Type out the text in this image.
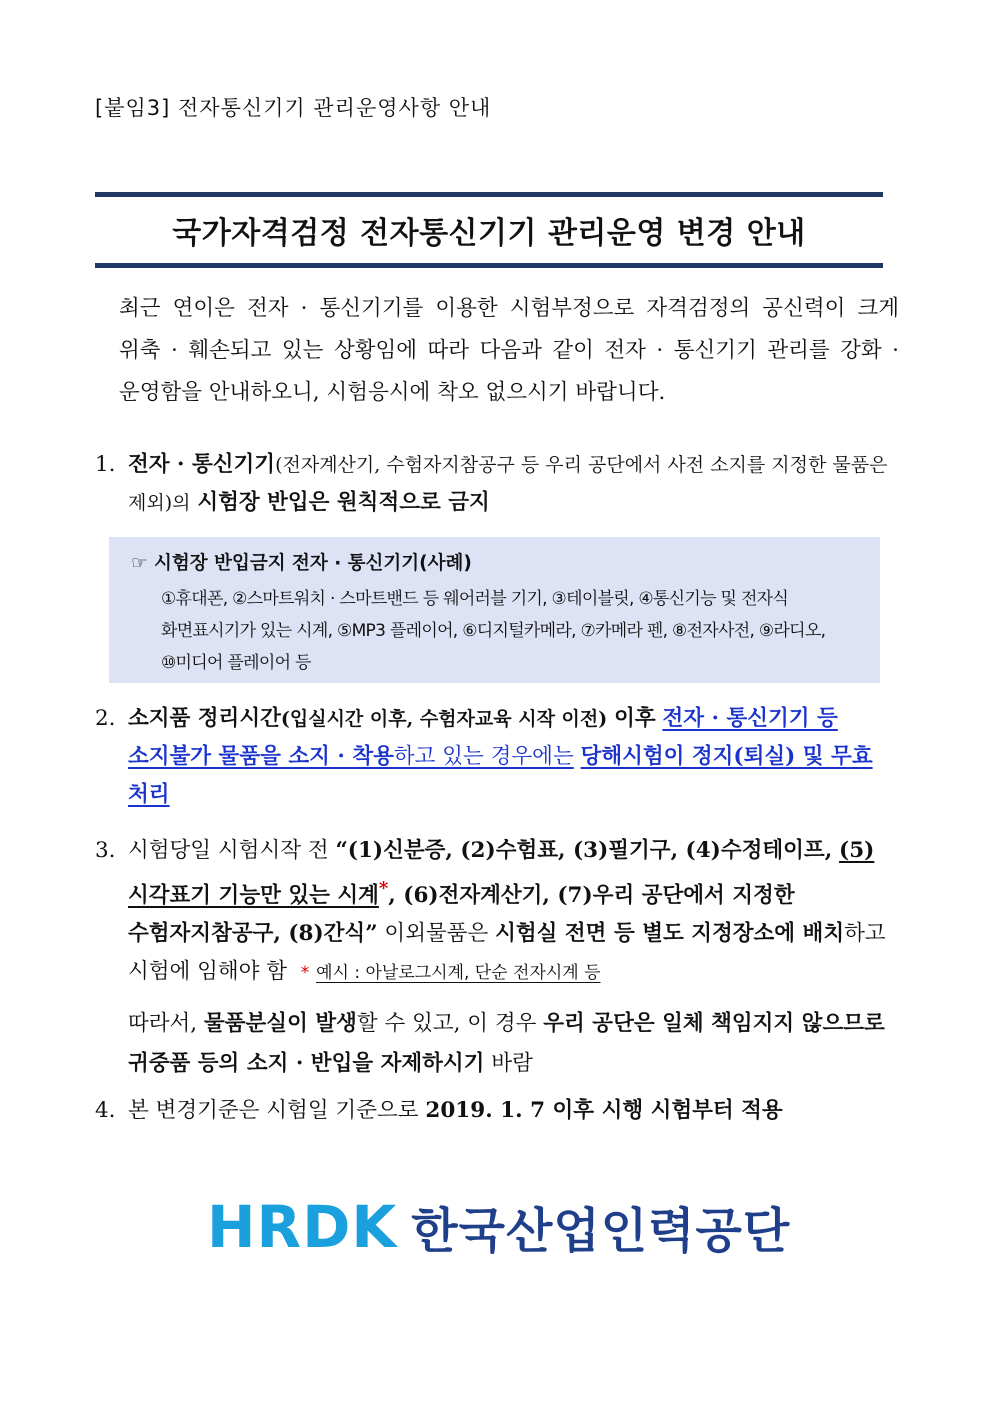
[붙임3] 전자통신기기 관리운영사항 안내
국가자격검정 전자통신기기 관리운영 변경 안내
최근 연이은 전자 · 통신기기를 이용한 시험부정으로 자격검정의 공신력이 크게 위축 · 훼손되고 있는 상황임에 따라 다음과 같이 전자 · 통신기기 관리를 강화 · 운영함을 안내하오니, 시험응시에 착오 없으시기 바랍니다.
1. 전자 · 통신기기(전자계산기, 수험자지참공구 등 우리 공단에서 사전 소지를 지정한 물품은 제외)의 시험장 반입은 원칙적으로 금지
☞ 시험장 반입금지 전자 · 통신기기(사례)
①휴대폰, ②스마트워치 · 스마트밴드 등 웨어러블 기기, ③테이블릿, ④통신기능 및 전자식 화면표시기가 있는 시계, ⑤MP3 플레이어, ⑥디지털카메라, ⑦카메라 펜, ⑧전자사전, ⑨라디오, ⑩미디어 플레이어 등
2. 소지품 정리시간(입실시간 이후, 수험자교육 시작 이전) 이후 전자 · 통신기기 등 소지불가 물품을 소지 · 착용하고 있는 경우에는 당해시험이 정지(퇴실) 및 무효 처리
3. 시험당일 시험시작 전 “(1)신분증, (2)수험표, (3)필기구, (4)수정테이프, (5)시각표기 기능만 있는 시계*, (6)전자계산기, (7)우리 공단에서 지정한 수험자지참공구, (8)간식” 이외물품은 시험실 전면 등 별도 지정장소에 배치하고 시험에 임해야 함 * 예시 : 아날로그시계, 단순 전자시계 등
따라서, 물품분실이 발생할 수 있고, 이 경우 우리 공단은 일체 책임지지 않으므로 귀중품 등의 소지 · 반입을 자제하시기 바람
4. 본 변경기준은 시험일 기준으로 2019. 1. 7 이후 시행 시험부터 적용
HRDK 한국산업인력공단
